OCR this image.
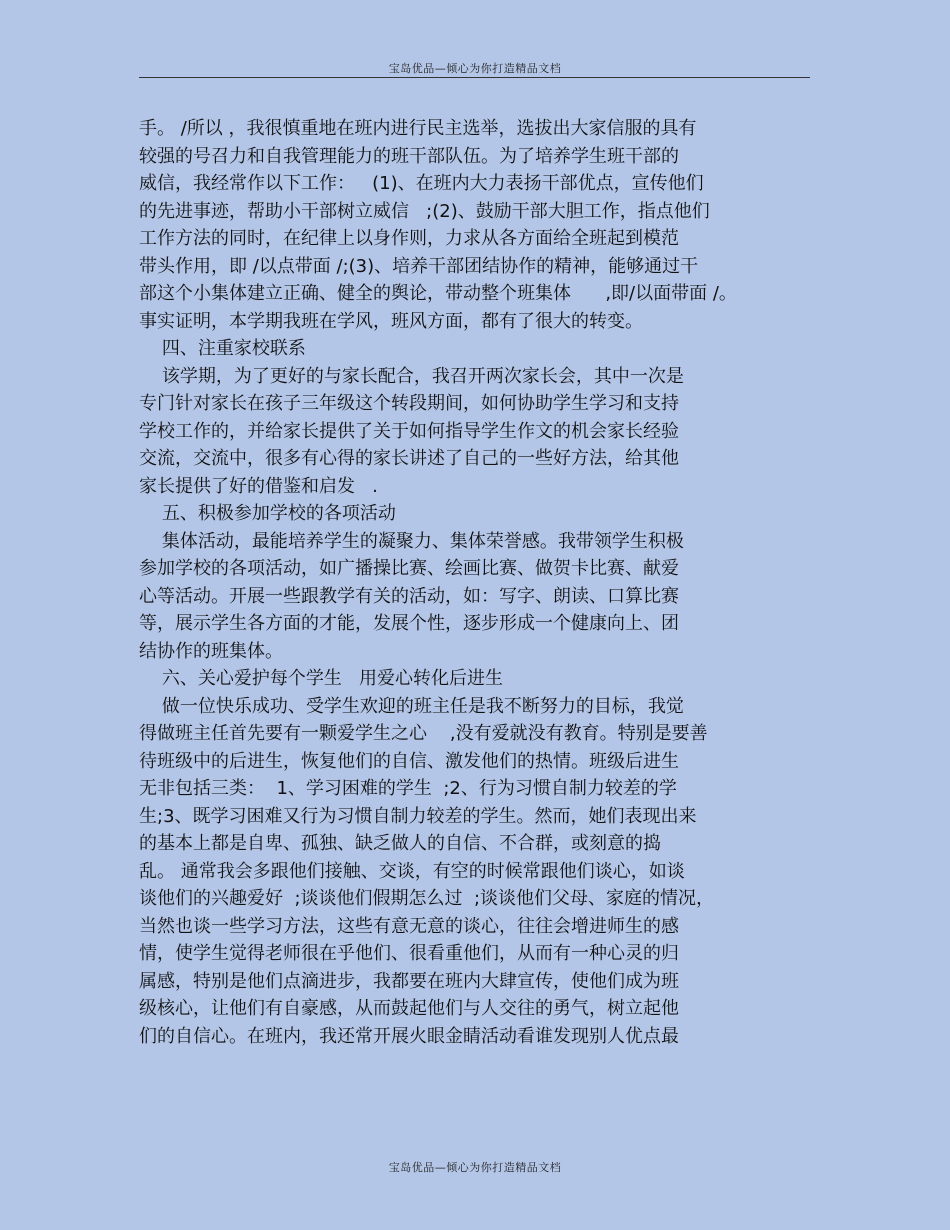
宝岛优品—倾心为你打造精品文档
手。 /所以 ，我很慎重地在班内进行民主选举，选拔出大家信服的具有
较强的号召力和自我管理能力的班干部队伍。为了培养学生班干部的
威信，我经常作以下工作：   (1)、在班内大力表扬干部优点，宣传他们
的先进事迹，帮助小干部树立威信   ;(2)、鼓励干部大胆工作，指点他们
工作方法的同时，在纪律上以身作则，力求从各方面给全班起到模范
带头作用，即 /以点带面 /;(3)、培养干部团结协作的精神，能够通过干
部这个小集体建立正确、健全的舆论，带动整个班集体      ,即/以面带面 /。
事实证明，本学期我班在学风，班风方面，都有了很大的转变。
四、注重家校联系
该学期，为了更好的与家长配合，我召开两次家长会，其中一次是
专门针对家长在孩子三年级这个转段期间，如何协助学生学习和支持
学校工作的，并给家长提供了关于如何指导学生作文的机会家长经验
交流，交流中，很多有心得的家长讲述了自己的一些好方法，给其他
家长提供了好的借鉴和启发   .
五、积极参加学校的各项活动
集体活动，最能培养学生的凝聚力、集体荣誉感。我带领学生积极
参加学校的各项活动，如广播操比赛、绘画比赛、做贺卡比赛、献爱
心等活动。开展一些跟教学有关的活动，如：写字、朗读、口算比赛
等，展示学生各方面的才能，发展个性，逐步形成一个健康向上、团
结协作的班集体。
六、关心爱护每个学生   用爱心转化后进生
做一位快乐成功、受学生欢迎的班主任是我不断努力的目标，我觉
得做班主任首先要有一颗爱学生之心    ,没有爱就没有教育。特别是要善
待班级中的后进生，恢复他们的自信、激发他们的热情。班级后进生
无非包括三类：  1、学习困难的学生  ;2、行为习惯自制力较差的学
生;3、既学习困难又行为习惯自制力较差的学生。然而，她们表现出来
的基本上都是自卑、孤独、缺乏做人的自信、不合群，或刻意的捣
乱。 通常我会多跟他们接触、交谈，有空的时候常跟他们谈心，如谈
谈他们的兴趣爱好  ;谈谈他们假期怎么过  ;谈谈他们父母、家庭的情况，
当然也谈一些学习方法，这些有意无意的谈心，往往会增进师生的感
情，使学生觉得老师很在乎他们、很看重他们，从而有一种心灵的归
属感，特别是他们点滴进步，我都要在班内大肆宣传，使他们成为班
级核心，让他们有自豪感，从而鼓起他们与人交往的勇气，树立起他
们的自信心。在班内，我还常开展火眼金睛活动看谁发现别人优点最
宝岛优品—倾心为你打造精品文档
